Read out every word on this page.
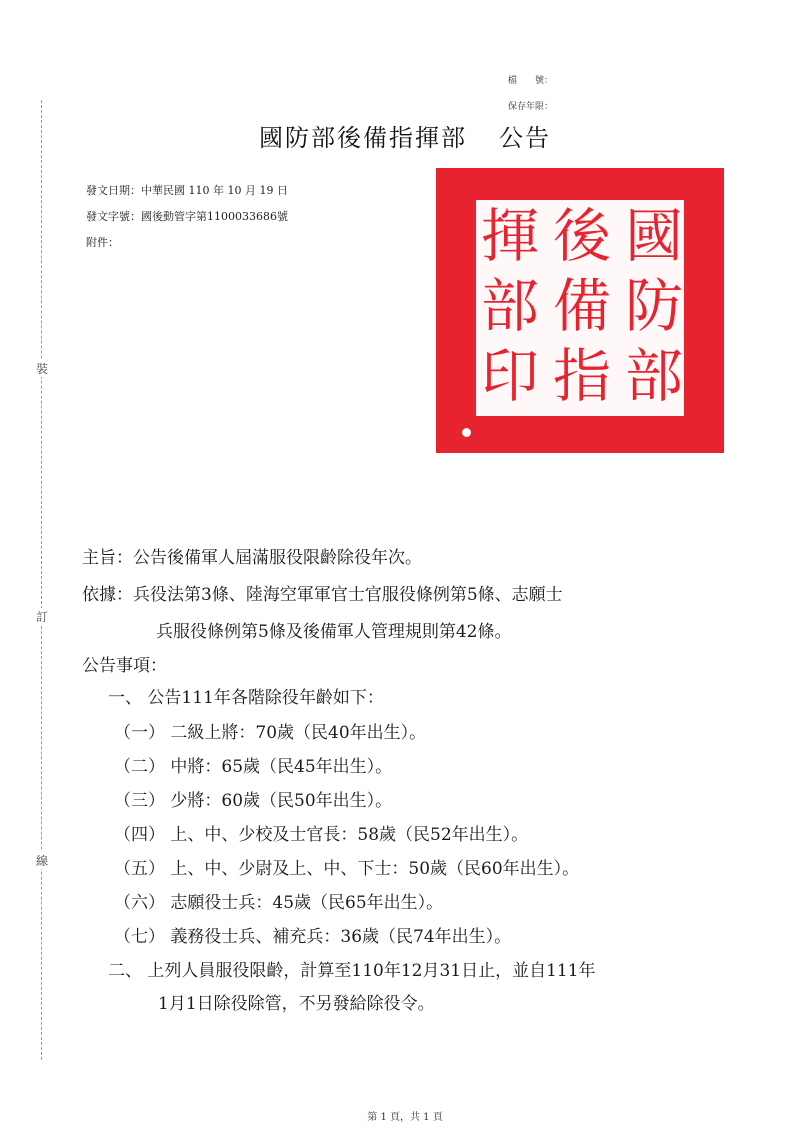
裝
訂
線
檔　　號：
保存年限：
國防部後備指揮部 公告
發文日期：中華民國 110 年 10 月 19 日
發文字號：國後動管字第1100033686號
附件：	國
防
部
後
備
指
揮
部
印
主旨：公告後備軍人屆滿服役限齡除役年次。
依據：兵役法第3條、陸海空軍軍官士官服役條例第5條、志願士
兵服役條例第5條及後備軍人管理規則第42條。
公告事項：
一、 公告111年各階除役年齡如下：
（一） 二級上將：70歲（民40年出生）。
（二） 中將：65歲（民45年出生）。
（三） 少將：60歲（民50年出生）。
（四） 上、中、少校及士官長：58歲（民52年出生）。
（五） 上、中、少尉及上、中、下士：50歲（民60年出生）。
（六） 志願役士兵：45歲（民65年出生）。
（七） 義務役士兵、補充兵：36歲（民74年出生）。
二、 上列人員服役限齡，計算至110年12月31日止，並自111年
1月1日除役除管，不另發給除役令。
第 1 頁，共 1 頁
